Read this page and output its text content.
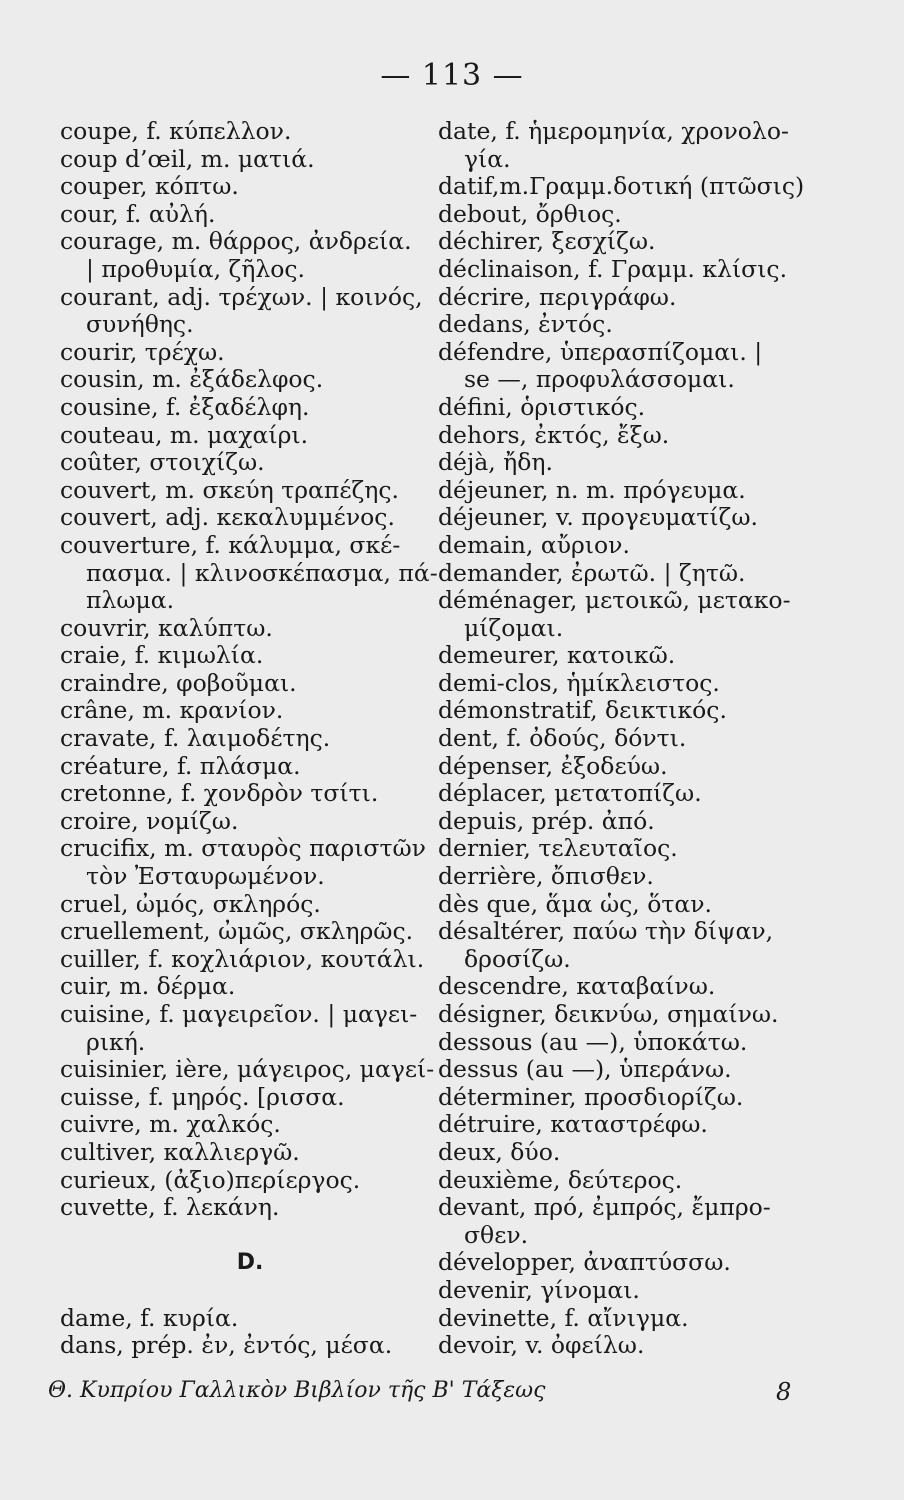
— 113 —
coupe, f. κύπελλον.
coup d’œil, m. ματιά.
couper, κόπτω.
cour, f. αὐλή.
courage, m. θάρρος, ἀνδρεία.
| προθυμία, ζῆλος.
courant, adj. τρέχων. | κοινός,
συνήθης.
courir, τρέχω.
cousin, m. ἐξάδελφος.
cousine, f. ἐξαδέλφη.
couteau, m. μαχαίρι.
coûter, στοιχίζω.
couvert, m. σκεύη τραπέζης.
couvert, adj. κεκαλυμμένος.
couverture, f. κάλυμμα, σκέ-
πασμα. | κλινοσκέπασμα, πά-
πλωμα.
couvrir, καλύπτω.
craie, f. κιμωλία.
craindre, φοβοῦμαι.
crâne, m. κρανίον.
cravate, f. λαιμοδέτης.
créature, f. πλάσμα.
cretonne, f. χονδρὸν τσίτι.
croire, νομίζω.
crucifix, m. σταυρὸς παριστῶν
τὸν Ἐσταυρωμένον.
cruel, ὠμός, σκληρός.
cruellement, ὠμῶς, σκληρῶς.
cuiller, f. κοχλιάριον, κουτάλι.
cuir, m. δέρμα.
cuisine, f. μαγειρεῖον. | μαγει-
ρική.
cuisinier, ière, μάγειρος, μαγεί-
cuisse, f. μηρός. [ρισσα.
cuivre, m. χαλκός.
cultiver, καλλιεργῶ.
curieux, (ἀξιο)περίεργος.
cuvette, f. λεκάνη.
D.
dame, f. κυρία.
dans, prép. ἐν, ἐντός, μέσα.
date, f. ἡμερομηνία, χρονολο-
γία.
datif,m.Γραμμ.δοτική (πτῶσις)
debout, ὄρθιος.
déchirer, ξεσχίζω.
déclinaison, f. Γραμμ. κλίσις.
décrire, περιγράφω.
dedans, ἐντός.
défendre, ὑπερασπίζομαι. |
se —, προφυλάσσομαι.
défini, ὁριστικός.
dehors, ἐκτός, ἔξω.
déjà, ἤδη.
déjeuner, n. m. πρόγευμα.
déjeuner, v. προγευματίζω.
demain, αὔριον.
demander, ἐρωτῶ. | ζητῶ.
déménager, μετοικῶ, μετακο-
μίζομαι.
demeurer, κατοικῶ.
demi-clos, ἡμίκλειστος.
démonstratif, δεικτικός.
dent, f. ὀδούς, δόντι.
dépenser, ἐξοδεύω.
déplacer, μετατοπίζω.
depuis, prép. ἀπό.
dernier, τελευταῖος.
derrière, ὄπισθεν.
dès que, ἅμα ὡς, ὅταν.
désaltérer, παύω τὴν δίψαν,
δροσίζω.
descendre, καταβαίνω.
désigner, δεικνύω, σημαίνω.
dessous (au —), ὑποκάτω.
dessus (au —), ὑπεράνω.
déterminer, προσδιορίζω.
détruire, καταστρέφω.
deux, δύο.
deuxième, δεύτερος.
devant, πρό, ἐμπρός, ἔμπρο-
σθεν.
développer, ἀναπτύσσω.
devenir, γίνομαι.
devinette, f. αἴνιγμα.
devoir, v. ὀφείλω.
Θ. Κυπρίου Γαλλικὸν Βιβλίον τῆς Β' Τάξεως	8
